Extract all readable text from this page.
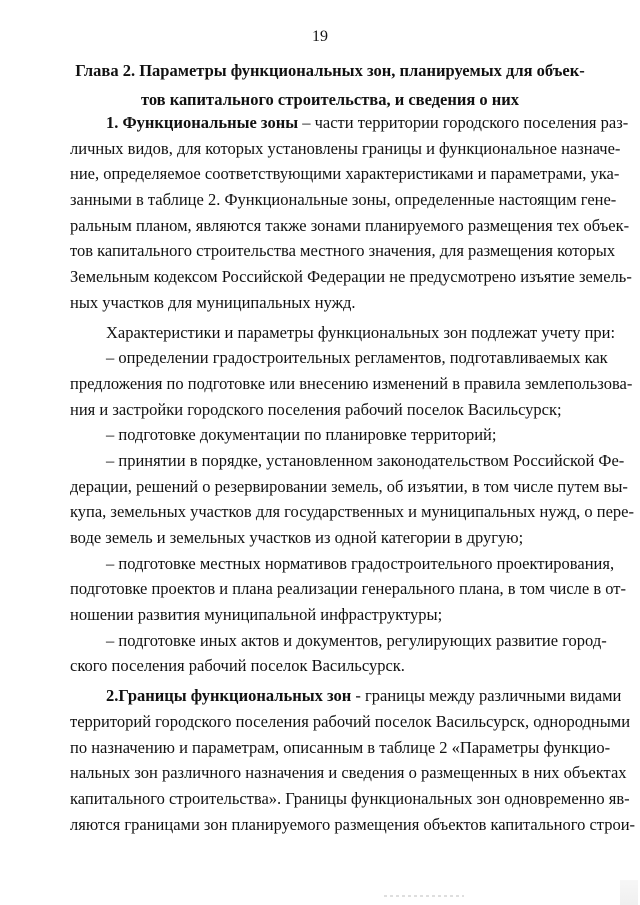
19
Глава 2. Параметры функциональных зон, планируемых для объек-
тов капитального строительства, и сведения о них
1. Функциональные зоны – части территории городского поселения раз-
личных видов, для которых установлены границы и функциональное назначе-
ние, определяемое соответствующими характеристиками и параметрами, ука-
занными в таблице 2. Функциональные зоны, определенные настоящим гене-
ральным планом, являются также зонами планируемого размещения тех объек-
тов капитального строительства местного значения, для размещения которых
Земельным кодексом Российской Федерации не предусмотрено изъятие земель-
ных участков для муниципальных нужд.
Характеристики и параметры функциональных зон подлежат учету при:
– определении градостроительных регламентов, подготавливаемых как
предложения по подготовке или внесению изменений в правила землепользова-
ния и застройки городского поселения рабочий поселок Васильсурск;
– подготовке документации по планировке территорий;
– принятии в порядке, установленном законодательством Российской Фе-
дерации, решений о резервировании земель, об изъятии, в том числе путем вы-
купа, земельных участков для государственных и муниципальных нужд, о пере-
воде земель и земельных участков из одной категории в другую;
– подготовке местных нормативов градостроительного проектирования,
подготовке проектов и плана реализации генерального плана, в том числе в от-
ношении развития муниципальной инфраструктуры;
– подготовке иных актов и документов, регулирующих развитие город-
ского поселения рабочий поселок Васильсурск.
2.Границы функциональных зон - границы между различными видами
территорий городского поселения рабочий поселок Васильсурск, однородными
по назначению и параметрам, описанным в таблице 2 «Параметры функцио-
нальных зон различного назначения и сведения о размещенных в них объектах
капитального строительства». Границы функциональных зон одновременно яв-
ляются границами зон планируемого размещения объектов капитального строи-
